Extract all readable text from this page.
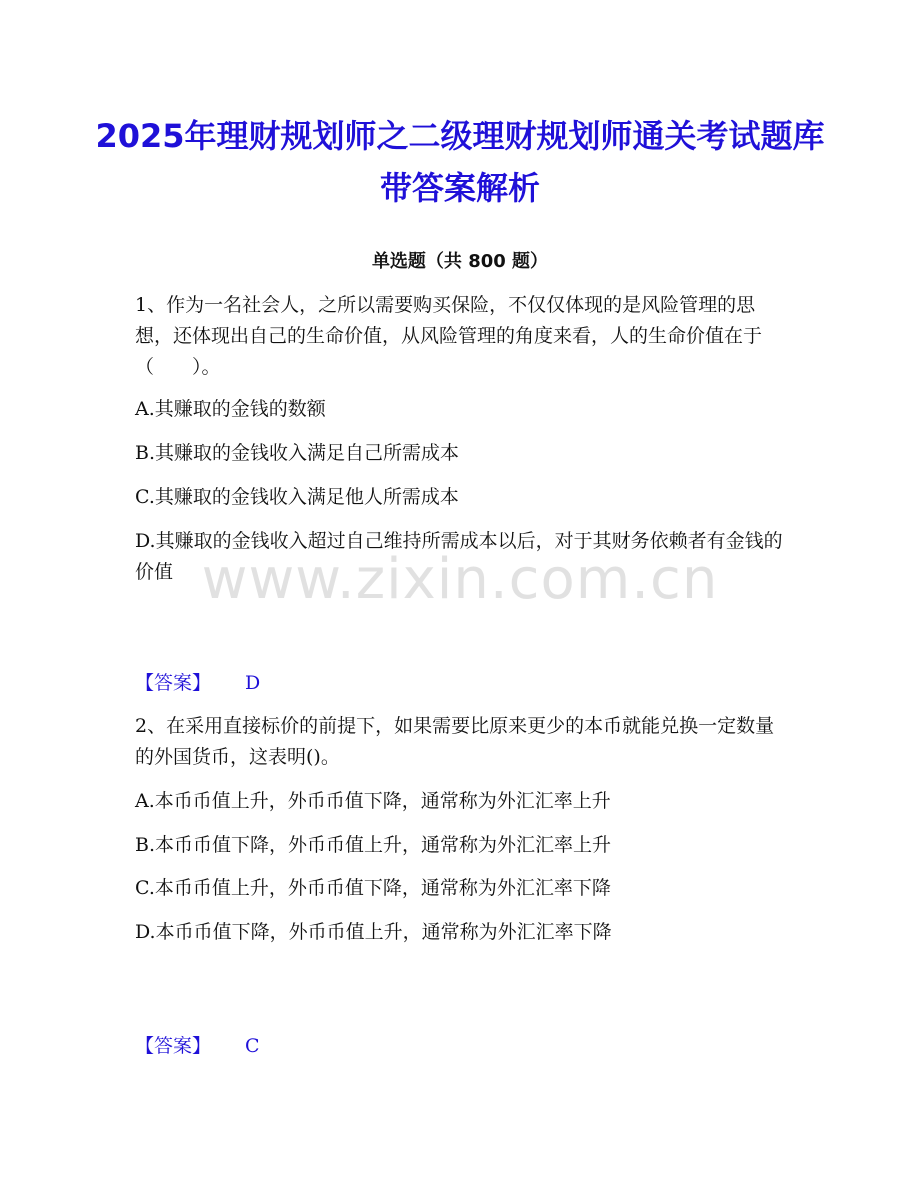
2025年理财规划师之二级理财规划师通关考试题库带答案解析
单选题（共 800 题）
1、作为一名社会人，之所以需要购买保险，不仅仅体现的是风险管理的思想，还体现出自己的生命价值，从风险管理的角度来看，人的生命价值在于（　　）。
A.其赚取的金钱的数额
B.其赚取的金钱收入满足自己所需成本
C.其赚取的金钱收入满足他人所需成本
D.其赚取的金钱收入超过自己维持所需成本以后，对于其财务依赖者有金钱的价值
【答案】 D
2、在采用直接标价的前提下，如果需要比原来更少的本币就能兑换一定数量的外国货币，这表明()。
A.本币币值上升，外币币值下降，通常称为外汇汇率上升
B.本币币值下降，外币币值上升，通常称为外汇汇率上升
C.本币币值上升，外币币值下降，通常称为外汇汇率下降
D.本币币值下降，外币币值上升，通常称为外汇汇率下降
【答案】 C
www.zixin.com.cn
